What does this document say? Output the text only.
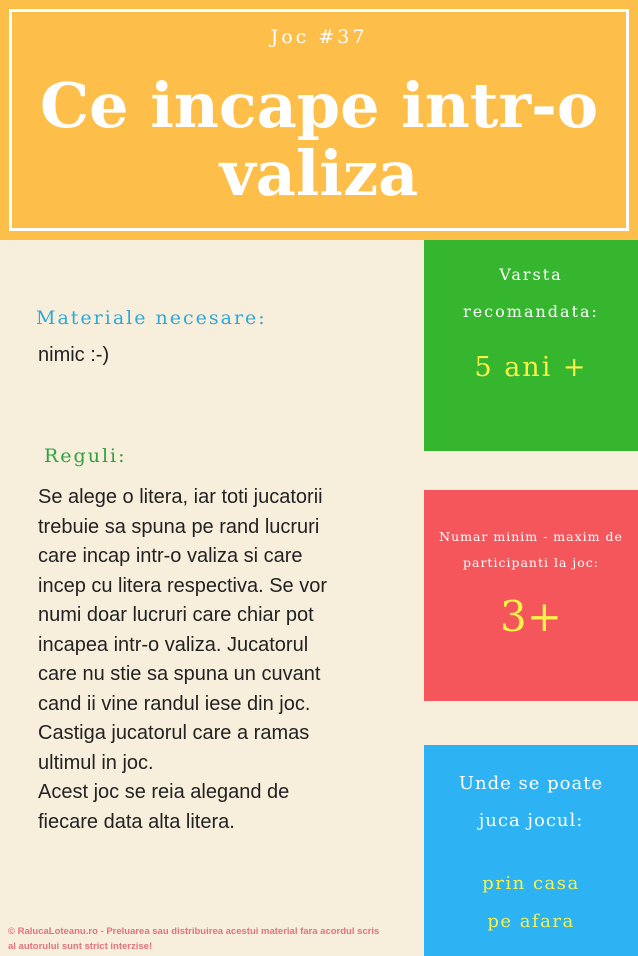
Joc #37
Ce incape intr-o valiza
Materiale necesare:
nimic :-)
Reguli:
Se alege o litera, iar toti jucatorii
trebuie sa spuna pe rand lucruri
care incap intr-o valiza si care
incep cu litera respectiva. Se vor
numi doar lucruri care chiar pot
incapea intr-o valiza. Jucatorul
care nu stie sa spuna un cuvant
cand ii vine randul iese din joc.
Castiga jucatorul care a ramas
ultimul in joc.
Acest joc se reia alegand de
fiecare data alta litera.
Varsta
recomandata:
5 ani +
Numar minim - maxim de
participanti la joc:
3+
Unde se poate
juca jocul:
prin casa
pe afara
© RalucaLoteanu.ro - Preluarea sau distribuirea acestui material fara acordul scris
al autorului sunt strict interzise!
